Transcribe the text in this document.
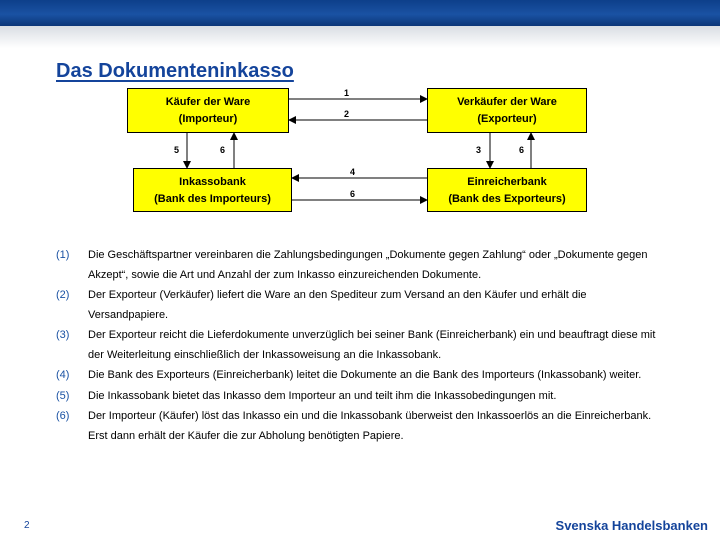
Das Dokumenteninkasso
Käufer der Ware
(Importeur)
Verkäufer der Ware
(Exporteur)
Inkassobank
(Bank des Importeurs)
Einreicherbank
(Bank des Exporteurs)
1
2
4
6
5	6	3	6
(1)	Die Geschäftspartner vereinbaren die Zahlungsbedingungen „Dokumente gegen Zahlung“ oder „Dokumente gegen Akzept“, sowie die Art und Anzahl der zum Inkasso einzureichenden Dokumente.
(2)	Der Exporteur (Verkäufer) liefert die Ware an den Spediteur zum Versand an den Käufer und erhält die Versandpapiere.
(3)	Der Exporteur reicht die Lieferdokumente unverzüglich bei seiner Bank (Einreicherbank) ein und beauftragt diese mit der Weiterleitung einschließlich der Inkassoweisung an die Inkassobank.
(4)	Die Bank des Exporteurs (Einreicherbank) leitet die Dokumente an die Bank des Importeurs (Inkassobank) weiter.
(5)	Die Inkassobank bietet das Inkasso dem Importeur an und teilt ihm die Inkassobedingungen mit.
(6)	Der Importeur (Käufer) löst das Inkasso ein und die Inkassobank überweist den Inkassoerlös an die Einreicherbank. Erst dann erhält der Käufer die zur Abholung benötigten Papiere.
2	Svenska Handelsbanken
